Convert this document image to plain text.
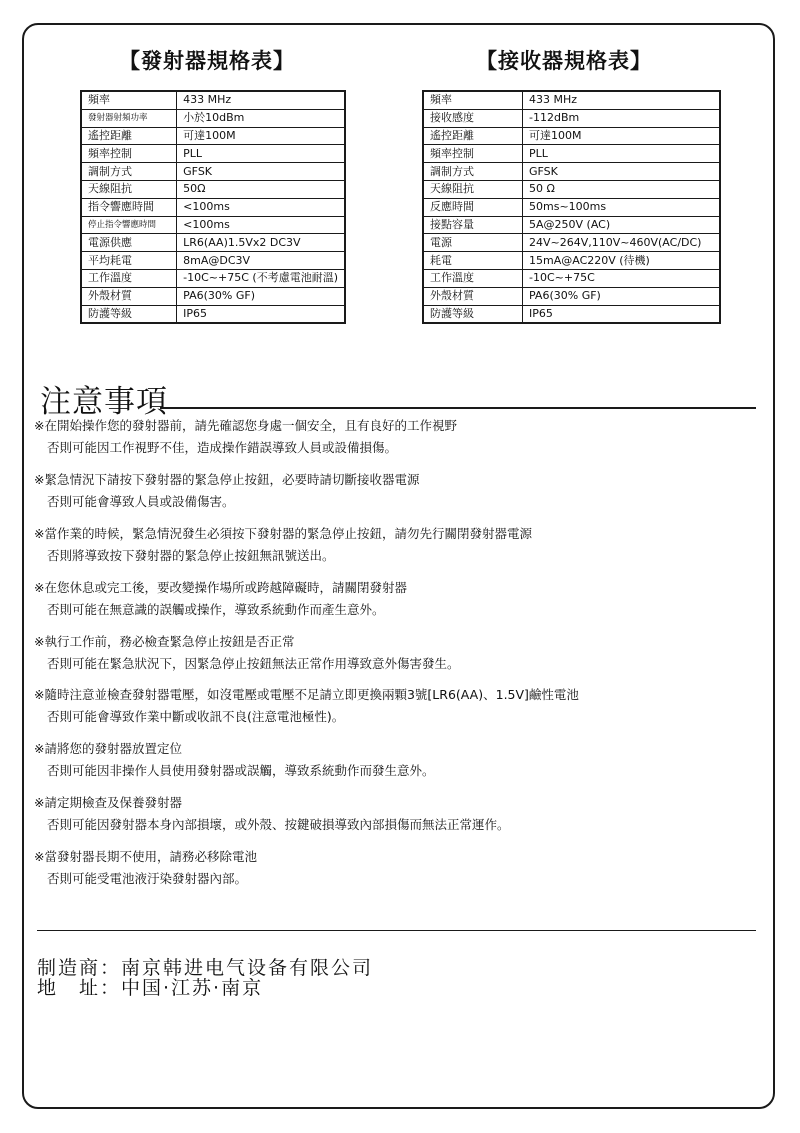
【發射器規格表】	【接收器規格表】
頻率	433 MHz
發射器射頻功率	小於10dBm
遙控距離	可達100M
頻率控制	PLL
調制方式	GFSK
天線阻抗	50Ω
指令響應時間	<100ms
停止指令響應時間	<100ms
電源供應	LR6(AA)1.5Vx2 DC3V
平均耗電	8mA@DC3V
工作溫度	-10C~+75C (不考慮電池耐溫)
外殼材質	PA6(30% GF)
防護等級	IP65
頻率	433 MHz
接收感度	-112dBm
遙控距離	可達100M
頻率控制	PLL
調制方式	GFSK
天線阻抗	50 Ω
反應時間	50ms~100ms
接點容量	5A@250V (AC)
電源	24V~264V,110V~460V(AC/DC)
耗電	15mA@AC220V (待機)
工作溫度	-10C~+75C
外殼材質	PA6(30% GF)
防護等級	IP65
注意事項
※在開始操作您的發射器前，請先確認您身處一個安全，且有良好的工作視野
否則可能因工作視野不佳，造成操作錯誤導致人員或設備損傷。
※緊急情況下請按下發射器的緊急停止按鈕，必要時請切斷接收器電源
否則可能會導致人員或設備傷害。
※當作業的時候，緊急情況發生必須按下發射器的緊急停止按鈕，請勿先行關閉發射器電源
否則將導致按下發射器的緊急停止按鈕無訊號送出。
※在您休息或完工後，要改變操作場所或跨越障礙時，請關閉發射器
否則可能在無意識的誤觸或操作，導致系統動作而產生意外。
※執行工作前，務必檢查緊急停止按鈕是否正常
否則可能在緊急狀況下，因緊急停止按鈕無法正常作用導致意外傷害發生。
※隨時注意並檢查發射器電壓，如沒電壓或電壓不足請立即更換兩顆3號[LR6(AA)、1.5V]鹼性電池
否則可能會導致作業中斷或收訊不良(注意電池極性)。
※請將您的發射器放置定位
否則可能因非操作人員使用發射器或誤觸，導致系統動作而發生意外。
※請定期檢查及保養發射器
否則可能因發射器本身內部損壞，或外殼、按鍵破損導致內部損傷而無法正常運作。
※當發射器長期不使用，請務必移除電池
否則可能受電池液汙染發射器內部。
制造商：南京韩进电气设备有限公司
地　址：中国·江苏·南京
